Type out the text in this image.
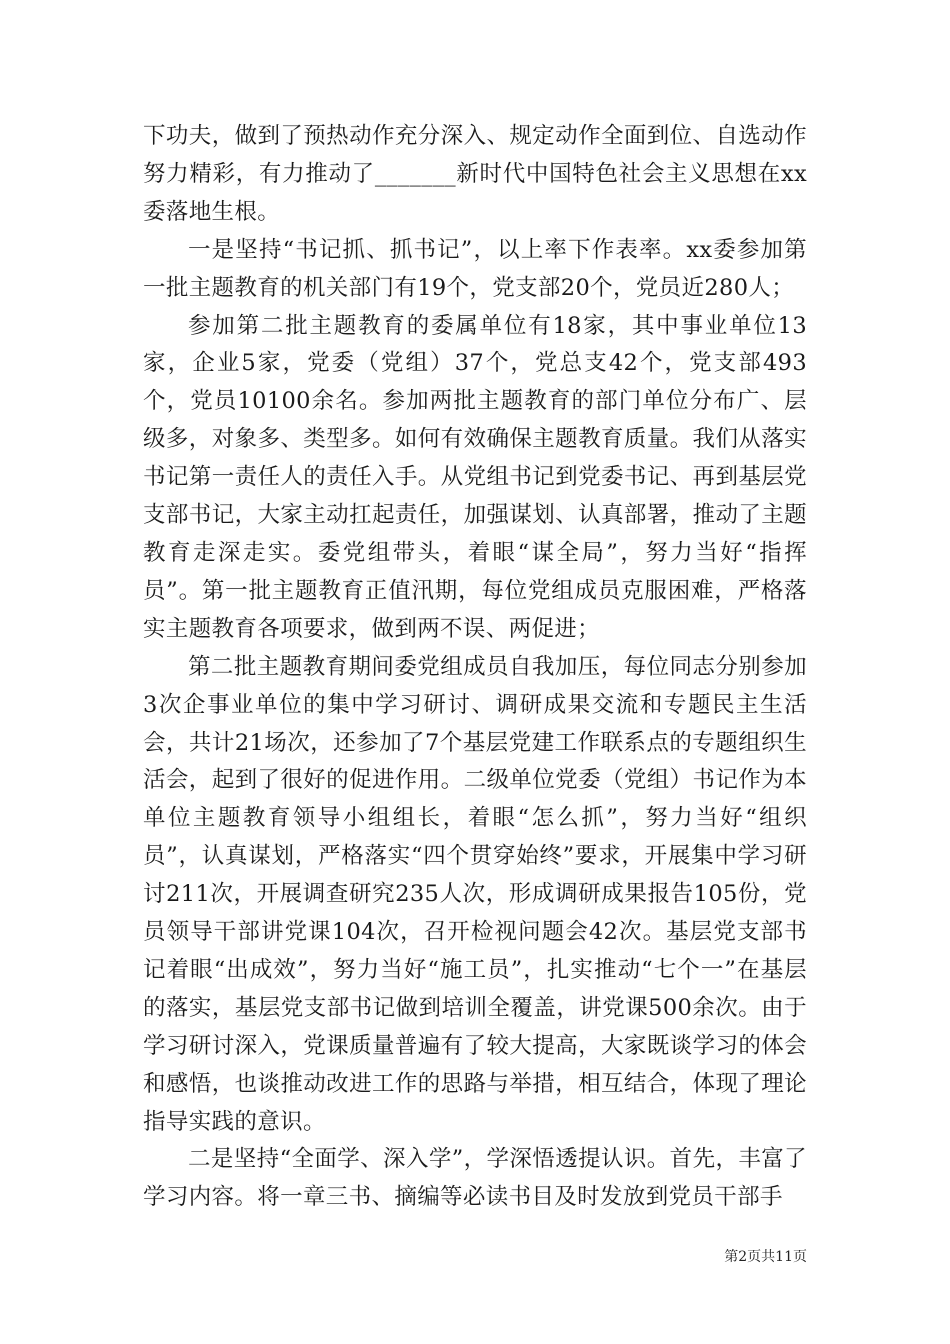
下功夫，做到了预热动作充分深入、规定动作全面到位、自选动作努力精彩，有力推动了_______新时代中国特色社会主义思想在xx委落地生根。

一是坚持“书记抓、抓书记”，以上率下作表率。xx委参加第一批主题教育的机关部门有19个，党支部20个，党员近280人；

参加第二批主题教育的委属单位有18家，其中事业单位13家，企业5家，党委（党组）37个，党总支42个，党支部493个，党员10100余名。参加两批主题教育的部门单位分布广、层级多，对象多、类型多。如何有效确保主题教育质量。我们从落实书记第一责任人的责任入手。从党组书记到党委书记、再到基层党支部书记，大家主动扛起责任，加强谋划、认真部署，推动了主题教育走深走实。委党组带头，着眼“谋全局”，努力当好“指挥员”。第一批主题教育正值汛期，每位党组成员克服困难，严格落实主题教育各项要求，做到两不误、两促进；

第二批主题教育期间委党组成员自我加压，每位同志分别参加3次企事业单位的集中学习研讨、调研成果交流和专题民主生活会，共计21场次，还参加了7个基层党建工作联系点的专题组织生活会，起到了很好的促进作用。二级单位党委（党组）书记作为本单位主题教育领导小组组长，着眼“怎么抓”，努力当好“组织员”，认真谋划，严格落实“四个贯穿始终”要求，开展集中学习研讨211次，开展调查研究235人次，形成调研成果报告105份，党员领导干部讲党课104次，召开检视问题会42次。基层党支部书记着眼“出成效”，努力当好“施工员”，扎实推动“七个一”在基层的落实，基层党支部书记做到培训全覆盖，讲党课500余次。由于学习研讨深入，党课质量普遍有了较大提高，大家既谈学习的体会和感悟，也谈推动改进工作的思路与举措，相互结合，体现了理论指导实践的意识。

二是坚持“全面学、深入学”，学深悟透提认识。首先，丰富了学习内容。将一章三书、摘编等必读书目及时发放到党员干部手

第2页共11页
